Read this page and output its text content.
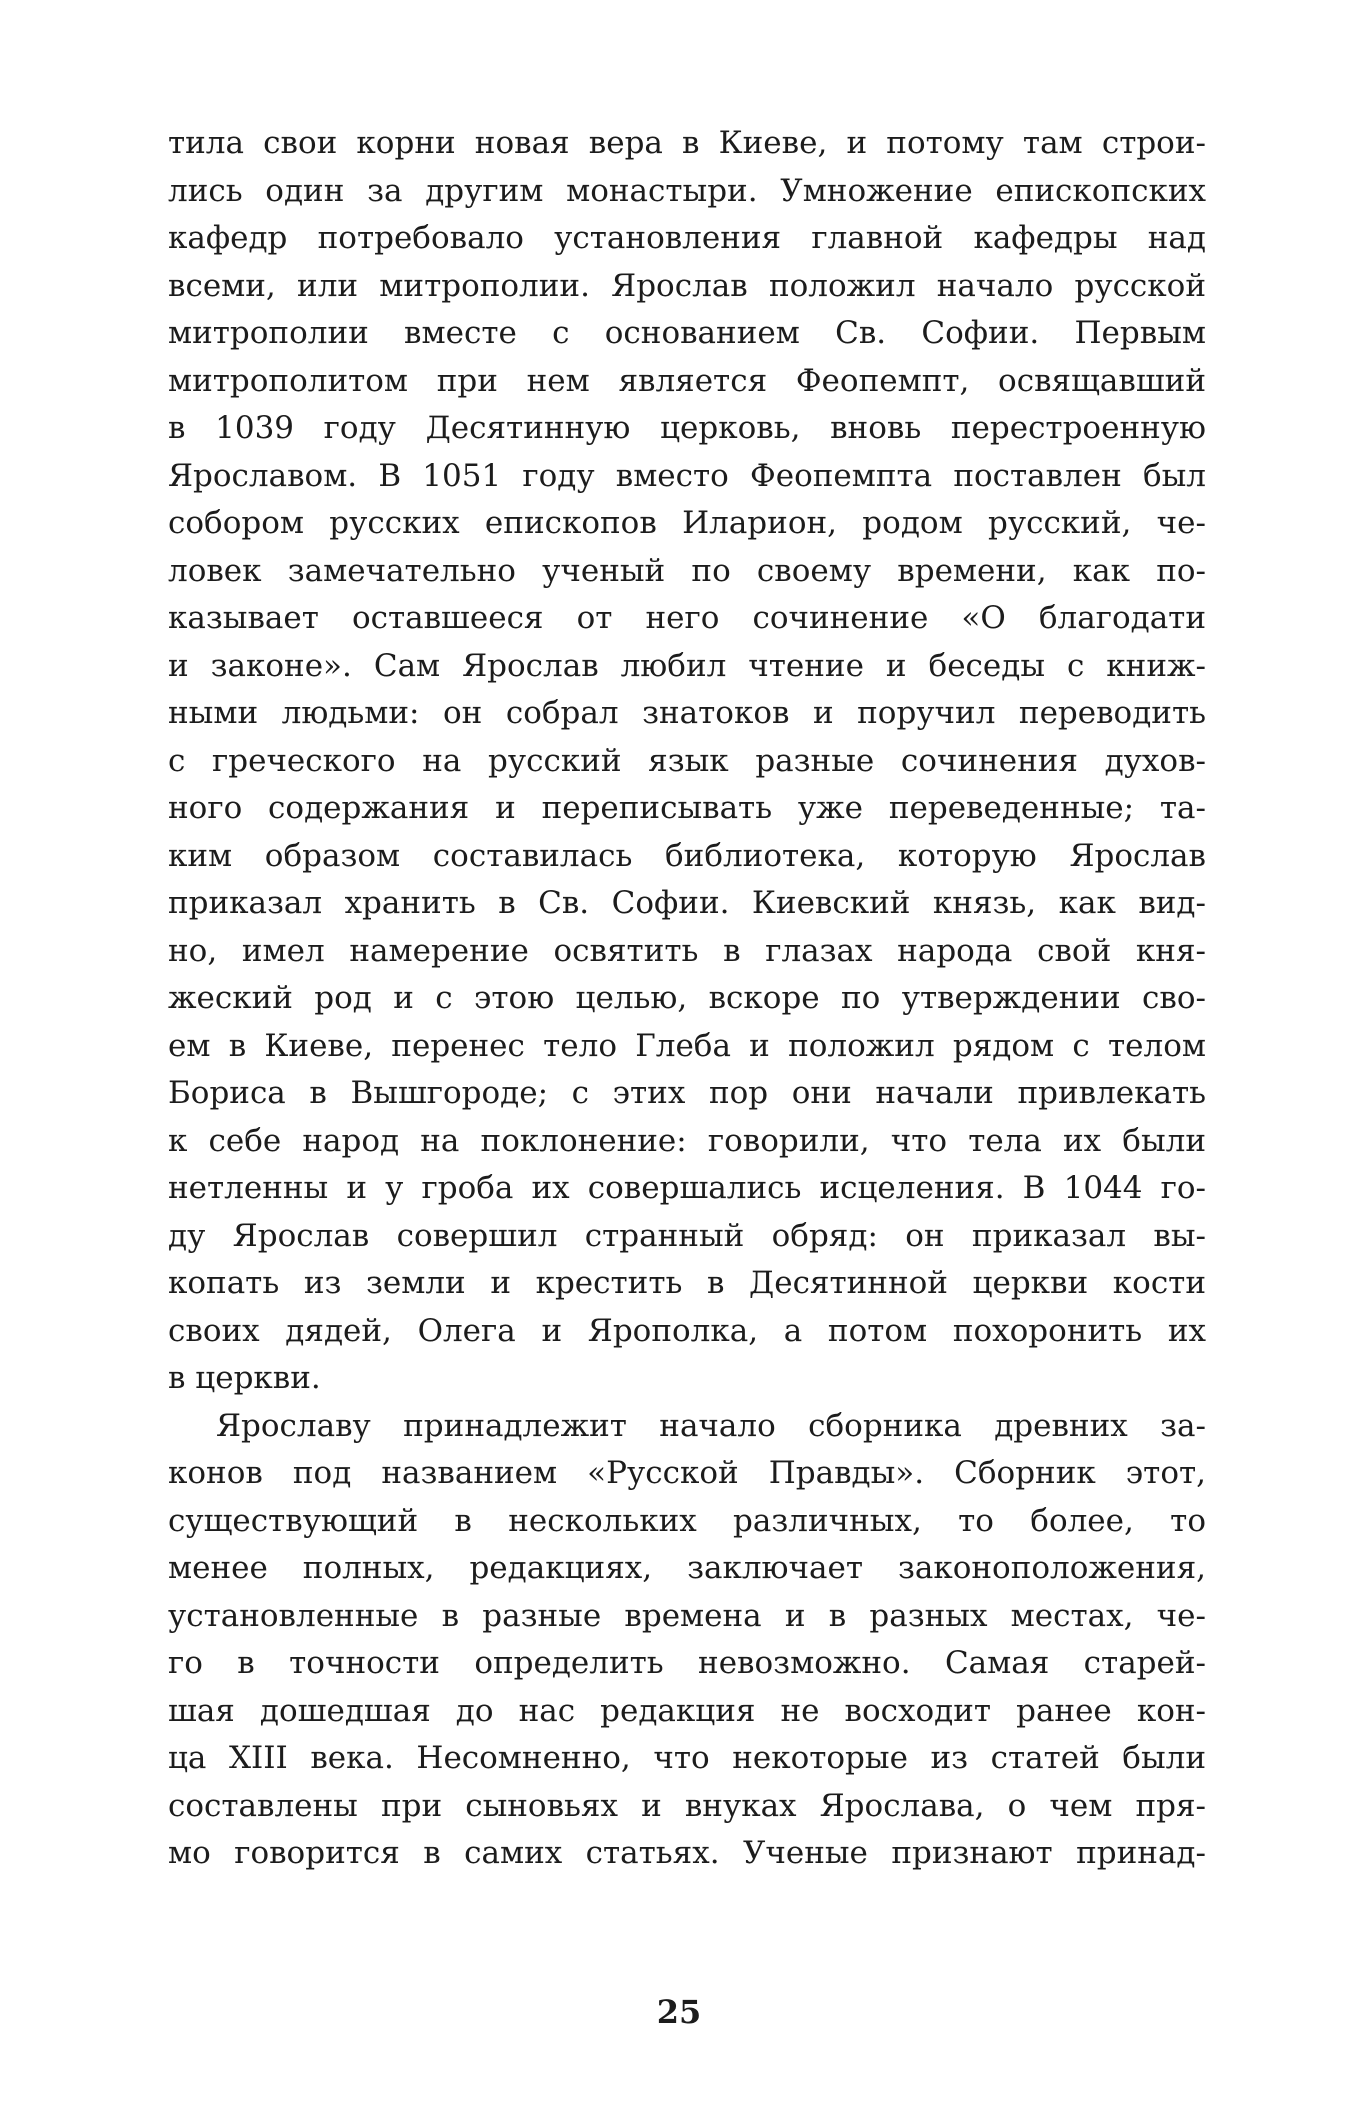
тила свои корни новая вера в Киеве, и потому там строи-
лись один за другим монастыри. Умножение епископских
кафедр потребовало установления главной кафедры над
всеми, или митрополии. Ярослав положил начало русской
митрополии вместе с основанием Св. Софии. Первым
митрополитом при нем является Феопемпт, освящавший
в 1039 году Десятинную церковь, вновь перестроенную
Ярославом. В 1051 году вместо Феопемпта поставлен был
собором русских епископов Иларион, родом русский, че-
ловек замечательно ученый по своему времени, как по-
казывает оставшееся от него сочинение «О благодати
и законе». Сам Ярослав любил чтение и беседы с книж-
ными людьми: он собрал знатоков и поручил переводить
с греческого на русский язык разные сочинения духов-
ного содержания и переписывать уже переведенные; та-
ким образом составилась библиотека, которую Ярослав
приказал хранить в Св. Софии. Киевский князь, как вид-
но, имел намерение освятить в глазах народа свой кня-
жеский род и с этою целью, вскоре по утверждении сво-
ем в Киеве, перенес тело Глеба и положил рядом с телом
Бориса в Вышгороде; с этих пор они начали привлекать
к себе народ на поклонение: говорили, что тела их были
нетленны и у гроба их совершались исцеления. В 1044 го-
ду Ярослав совершил странный обряд: он приказал вы-
копать из земли и крестить в Десятинной церкви кости
своих дядей, Олега и Ярополка, а потом похоронить их
в церкви.

Ярославу принадлежит начало сборника древних за-
конов под названием «Русской Правды». Сборник этот,
существующий в нескольких различных, то более, то
менее полных, редакциях, заключает законоположения,
установленные в разные времена и в разных местах, че-
го в точности определить невозможно. Самая старей-
шая дошедшая до нас редакция не восходит ранее кон-
ца XIII века. Несомненно, что некоторые из статей были
составлены при сыновьях и внуках Ярослава, о чем пря-
мо говорится в самих статьях. Ученые признают принад-

25
